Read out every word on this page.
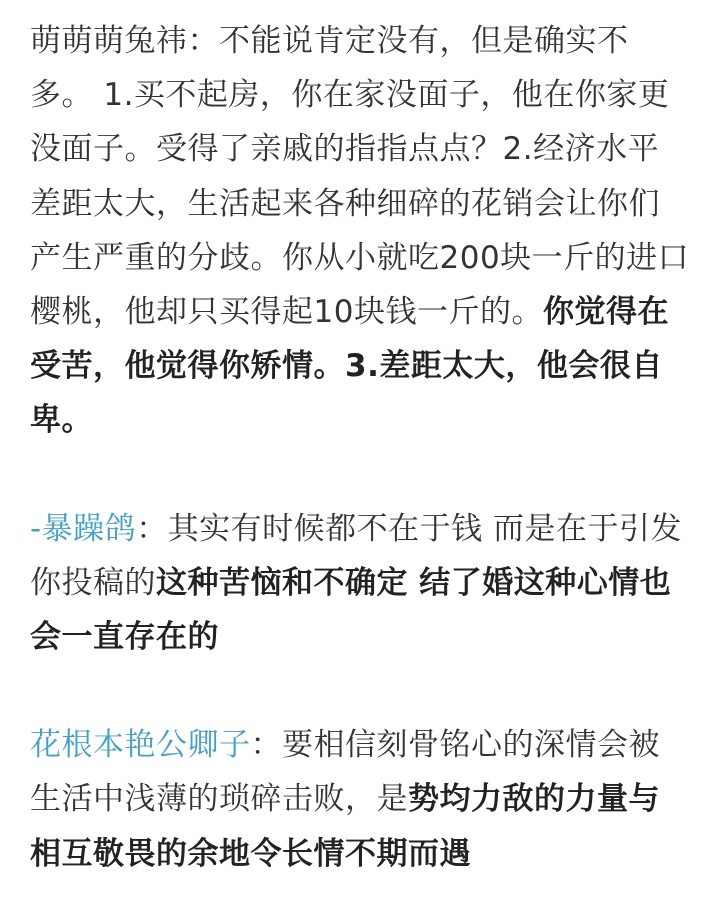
萌萌萌兔祎：不能说肯定没有，但是确实不多。 1.买不起房，你在家没面子，他在你家更没面子。受得了亲戚的指指点点？2.经济水平差距太大，生活起来各种细碎的花销会让你们产生严重的分歧。你从小就吃200块一斤的进口樱桃，他却只买得起10块钱一斤的。你觉得在受苦，他觉得你矫情。3.差距太大，他会很自卑。

-暴躁鸽：其实有时候都不在于钱 而是在于引发你投稿的这种苦恼和不确定 结了婚这种心情也会一直存在的

花根本艳公卿子：要相信刻骨铭心的深情会被生活中浅薄的琐碎击败，是势均力敌的力量与相互敬畏的余地令长情不期而遇
